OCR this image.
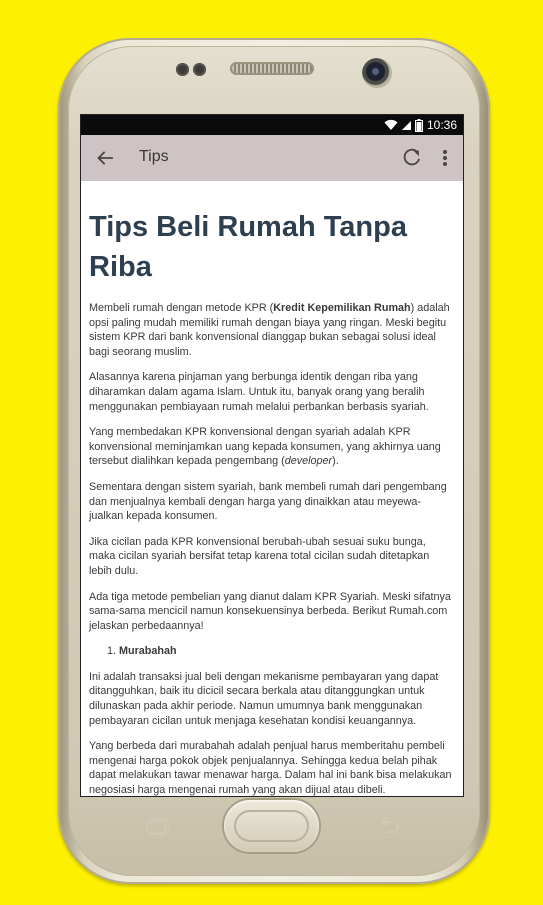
10:36
Tips
Tips Beli Rumah Tanpa Riba

Membeli rumah dengan metode KPR (Kredit Kepemilikan Rumah) adalah opsi paling mudah memiliki rumah dengan biaya yang ringan. Meski begitu sistem KPR dari bank konvensional dianggap bukan sebagai solusi ideal bagi seorang muslim.

Alasannya karena pinjaman yang berbunga identik dengan riba yang diharamkan dalam agama Islam. Untuk itu, banyak orang yang beralih menggunakan pembiayaan rumah melalui perbankan berbasis syariah.

Yang membedakan KPR konvensional dengan syariah adalah KPR konvensional meminjamkan uang kepada konsumen, yang akhirnya uang tersebut dialihkan kepada pengembang (developer).

Sementara dengan sistem syariah, bank membeli rumah dari pengembang dan menjualnya kembali dengan harga yang dinaikkan atau meyewa-jualkan kepada konsumen.

Jika cicilan pada KPR konvensional berubah-ubah sesuai suku bunga, maka cicilan syariah bersifat tetap karena total cicilan sudah ditetapkan lebih dulu.

Ada tiga metode pembelian yang dianut dalam KPR Syariah. Meski sifatnya sama-sama mencicil namun konsekuensinya berbeda. Berikut Rumah.com jelaskan perbedaannya!

1. Murabahah

Ini adalah transaksi jual beli dengan mekanisme pembayaran yang dapat ditangguhkan, baik itu dicicil secara berkala atau ditanggungkan untuk dilunaskan pada akhir periode. Namun umumnya bank menggunakan pembayaran cicilan untuk menjaga kesehatan kondisi keuangannya.

Yang berbeda dari murabahah adalah penjual harus memberitahu pembeli mengenai harga pokok objek penjualannya. Sehingga kedua belah pihak dapat melakukan tawar menawar harga. Dalam hal ini bank bisa melakukan negosiasi harga mengenai rumah yang akan dijual atau dibeli.
